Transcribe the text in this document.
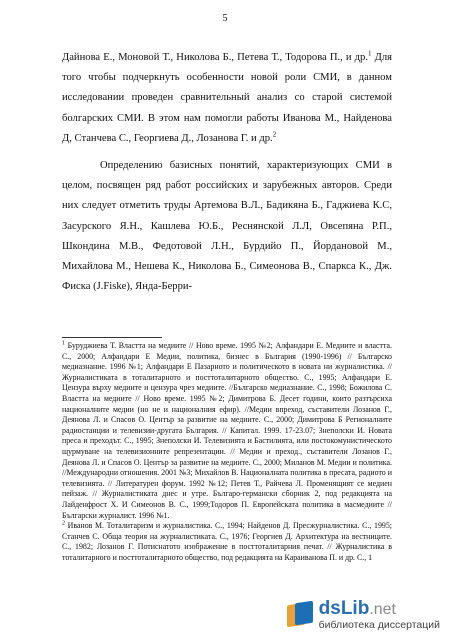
5

Дайнова Е., Моновой Т., Николова Б., Петева Т., Тодорова П., и др.$^1$ Для того чтобы подчеркнуть особенности новой роли СМИ, в данном исследовании проведен сравнительный анализ со старой системой болгарских СМИ. В этом нам помогли работы Иванова М., Найденова Д, Станчева С., Георгиева Д., Лозанова Г. и др.$^2$

Определению базисных понятий, характеризующих СМИ в целом, посвящен ряд работ российских и зарубежных авторов. Среди них следует отметить труды Артемова В.Л., Бадикяна Б., Гаджиева К.С, Засурского Я.Н., Кашлева Ю.Б., Реснянской Л.Л, Овсепяна Р.П., Шкондина М.В., Федотовой Л.Н., Бурдийо П., Йордановой М., Михайлова М., Нешева К., Николова Б., Симеонова В., Спаркса К., Дж. Фиска (J.Fiske), Янда-Берри-

$^1$ Буруджиева Т. Властта на медиите // Ново време. 1995 №2; Алфандари Е. Медиите и властта. С., 2000; Алфандари Е Медии, политика, бизнес в България (1990-1996) // Българско медиазнание. 1996 №1; Алфандари Е Пазарното и политическото в новата ни журналистика. // Журналистиката в тоталитарното и посттоталитарното общество. С., 1995; Алфандари Е. Цензура върху медиите и цензура чрез медиите. //Българско медиазнание. С., 1998; Божилова С. Властта на медиите // Ново време. 1995 №2; Димитрова Б. Десет години, които разтърсиха националните медии (но не и националния ефир). //Медии впреход, съставители Лозанов Г., Деянова Л. и Спасов О. Център за развитие на медиите. С., 2000; Димитрова Б Регионалните радиостанции и телевизии-другата България. // Капитал. 1999. 17-23.07; Знеполски И. Новата преса и преходът. С., 1995; Знеполски И. Телевизията и Бастилията, или постокомунистическото щурмуване на телевизионните репрезентации. // Медии и преход., съставители Лозанов Г., Деянова Л. и Спасов О. Център за развитие на медиите. С., 2000; Миланов М. Медии и политика. //Международни отношения. 2001 №3; Михайлов В. Националната политика в пресата, радиото и телевизията. // Литературен форум. 1992 №12; Петев Т., Райчева Л. Променящият се медиен пейзаж. // Журналистиката днес и утре. Българо-германски сборник 2, под редакцията на Лайденфрост Х. И Симеонов В. С., 1999;Тодоров П. Европейската политика в масмедиите // Български журналист. 1996 №1.

$^2$ Иванов М. Тоталитаризм и журналистика. С., 1994; Найденов Д. Пресжурналистика. С., 1995; Станчев С. Обща теория на журналистиката. С., 1976; Георгиев Д. Архитектура на вестниците. С., 1982; Лозанов Г. Потиснатото изображение в посттоталитарния печат. // Журналистика в тоталитарного и посттоталитарното общество, под редакцията на Караиванова П. и др. С., 1

dsLib.net
библиотека диссертаций
